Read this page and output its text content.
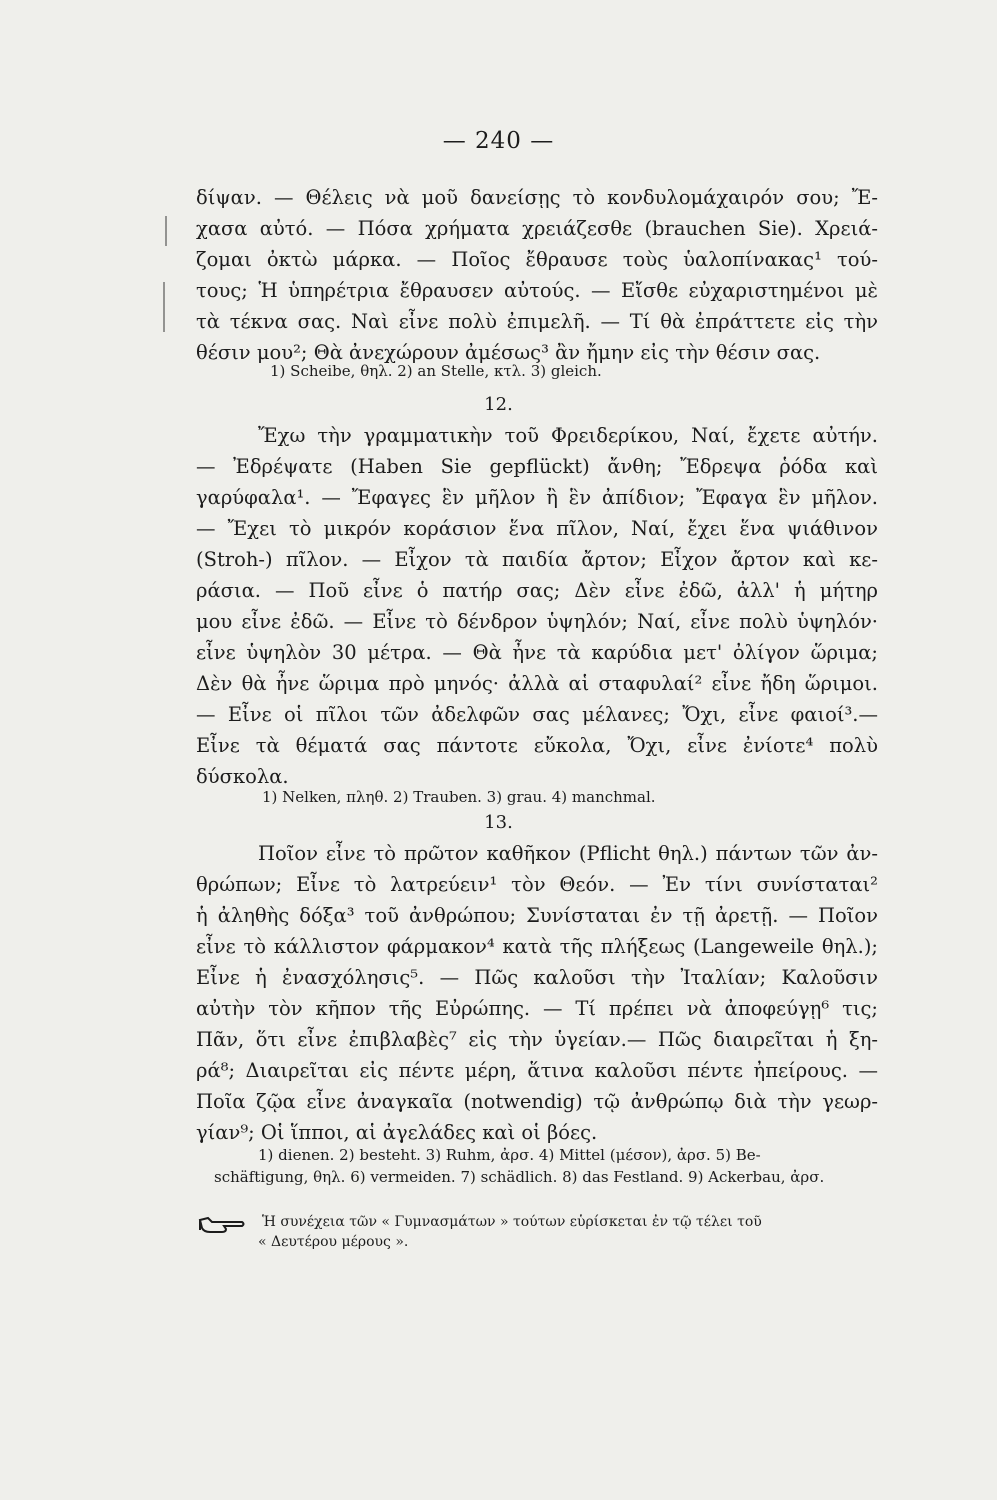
— 240 —
δίψαν. — Θέλεις νὰ μοῦ δανείσῃς τὸ κονδυλομάχαιρόν σου; Ἔ-
χασα αὐτό. — Πόσα χρήματα χρειάζεσθε (brauchen Sie). Χρειά-
ζομαι ὀκτὼ μάρκα. — Ποῖος ἔθραυσε τοὺς ὑαλοπίνακας¹ τού-
τους; Ἡ ὑπηρέτρια ἔθραυσεν αὐτούς. — Εἴσθε εὐχαριστημένοι μὲ
τὰ τέκνα σας. Ναὶ εἶνε πολὺ ἐπιμελῆ. — Τί θὰ ἐπράττετε εἰς τὴν
θέσιν μου²; Θὰ ἀνεχώρουν ἀμέσως³ ἂν ἤμην εἰς τὴν θέσιν σας.
1) Scheibe, θηλ. 2) an Stelle, κτλ. 3) gleich.
12.
Ἔχω τὴν γραμματικὴν τοῦ Φρειδερίκου, Ναί, ἔχετε αὐτήν.
— Ἐδρέψατε (Haben Sie gepflückt) ἄνθη; Ἔδρεψα ῥόδα καὶ
γαρύφαλα¹. — Ἔφαγες ἓν μῆλον ἢ ἓν ἀπίδιον; Ἔφαγα ἓν μῆλον.
— Ἔχει τὸ μικρόν κοράσιον ἕνα πῖλον, Ναί, ἔχει ἕνα ψιάθινον
(Stroh-) πῖλον. — Εἶχον τὰ παιδία ἄρτον; Εἶχον ἄρτον καὶ κε-
ράσια. — Ποῦ εἶνε ὁ πατήρ σας; Δὲν εἶνε ἐδῶ, ἀλλ' ἡ μήτηρ
μου εἶνε ἐδῶ. — Εἶνε τὸ δένδρον ὑψηλόν; Ναί, εἶνε πολὺ ὑψηλόν·
εἶνε ὑψηλὸν 30 μέτρα. — Θὰ ἦνε τὰ καρύδια μετ' ὀλίγον ὥριμα;
Δὲν θὰ ἦνε ὥριμα πρὸ μηνός· ἀλλὰ αἱ σταφυλαί² εἶνε ἤδη ὥριμοι.
— Εἶνε οἱ πῖλοι τῶν ἀδελφῶν σας μέλανες; Ὄχι, εἶνε φαιοί³.—
Εἶνε τὰ θέματά σας πάντοτε εὔκολα, Ὄχι, εἶνε ἐνίοτε⁴ πολὺ
δύσκολα.
1) Nelken, πληθ. 2) Trauben. 3) grau. 4) manchmal.
13.
Ποῖον εἶνε τὸ πρῶτον καθῆκον (Pflicht θηλ.) πάντων τῶν ἀν-
θρώπων; Εἶνε τὸ λατρεύειν¹ τὸν Θεόν. — Ἐν τίνι συνίσταται²
ἡ ἀληθὴς δόξα³ τοῦ ἀνθρώπου; Συνίσταται ἐν τῇ ἀρετῇ. — Ποῖον
εἶνε τὸ κάλλιστον φάρμακον⁴ κατὰ τῆς πλήξεως (Langeweile θηλ.);
Εἶνε ἡ ἐνασχόλησις⁵. — Πῶς καλοῦσι τὴν Ἰταλίαν; Καλοῦσιν
αὐτὴν τὸν κῆπον τῆς Εὐρώπης. — Τί πρέπει νὰ ἀποφεύγῃ⁶ τις;
Πᾶν, ὅτι εἶνε ἐπιβλαβὲς⁷ εἰς τὴν ὑγείαν.— Πῶς διαιρεῖται ἡ ξη-
ρά⁸; Διαιρεῖται εἰς πέντε μέρη, ἅτινα καλοῦσι πέντε ἠπείρους. —
Ποῖα ζῷα εἶνε ἀναγκαῖα (notwendig) τῷ ἀνθρώπῳ διὰ τὴν γεωρ-
γίαν⁹; Οἱ ἵπποι, αἱ ἀγελάδες καὶ οἱ βόες.
1) dienen. 2) besteht. 3) Ruhm, ἀρσ. 4) Mittel (μέσον), ἀρσ. 5) Be-
schäftigung, θηλ. 6) vermeiden. 7) schädlich. 8) das Festland. 9) Ackerbau, ἀρσ.
Ἡ συνέχεια τῶν « Γυμνασμάτων » τούτων εὑρίσκεται ἐν τῷ τέλει τοῦ
« Δευτέρου μέρους ».
